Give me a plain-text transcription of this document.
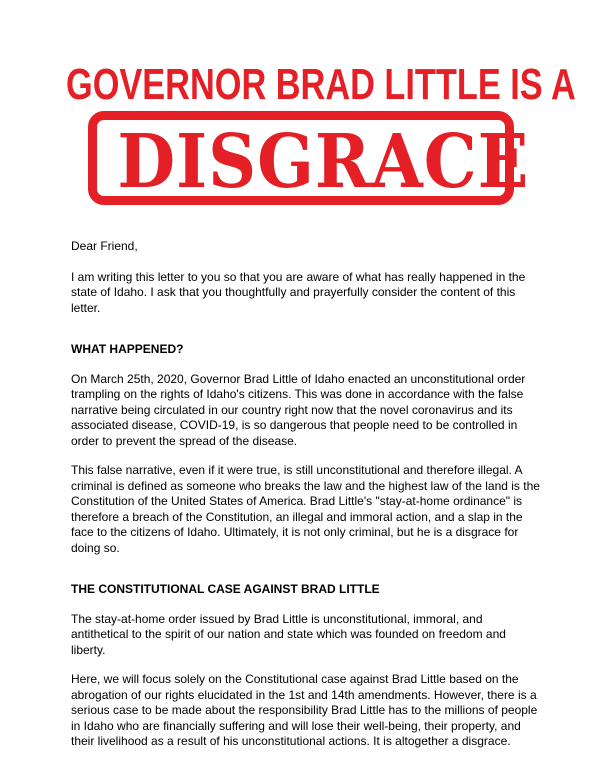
GOVERNOR BRAD LITTLE IS A
DISGRACE

Dear Friend,

I am writing this letter to you so that you are aware of what has really happened in the state of Idaho. I ask that you thoughtfully and prayerfully consider the content of this letter.

WHAT HAPPENED?

On March 25th, 2020, Governor Brad Little of Idaho enacted an unconstitutional order trampling on the rights of Idaho's citizens. This was done in accordance with the false narrative being circulated in our country right now that the novel coronavirus and its associated disease, COVID-19, is so dangerous that people need to be controlled in order to prevent the spread of the disease.

This false narrative, even if it were true, is still unconstitutional and therefore illegal. A criminal is defined as someone who breaks the law and the highest law of the land is the Constitution of the United States of America. Brad Little's "stay-at-home ordinance" is therefore a breach of the Constitution, an illegal and immoral action, and a slap in the face to the citizens of Idaho. Ultimately, it is not only criminal, but he is a disgrace for doing so.

THE CONSTITUTIONAL CASE AGAINST BRAD LITTLE

The stay-at-home order issued by Brad Little is unconstitutional, immoral, and antithetical to the spirit of our nation and state which was founded on freedom and liberty.

Here, we will focus solely on the Constitutional case against Brad Little based on the abrogation of our rights elucidated in the 1st and 14th amendments. However, there is a serious case to be made about the responsibility Brad Little has to the millions of people in Idaho who are financially suffering and will lose their well-being, their property, and their livelihood as a result of his unconstitutional actions. It is altogether a disgrace.
